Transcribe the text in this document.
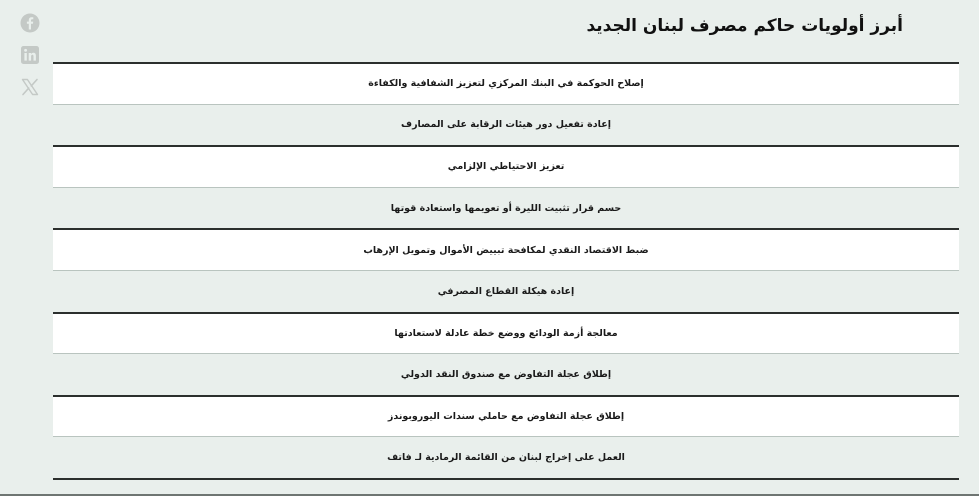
أبرز أولويات حاكم مصرف لبنان الجديد
إصلاح الحوكمة في البنك المركزي لتعزيز الشفافية والكفاءة
إعادة تفعيل دور هيئات الرقابة على المصارف
تعزيز الاحتياطي الإلزامي
حسم قرار تثبيت الليرة أو تعويمها واستعادة قوتها
ضبط الاقتصاد النقدي لمكافحة تبييض الأموال وتمويل الإرهاب
إعادة هيكلة القطاع المصرفي
معالجة أزمة الودائع ووضع خطة عادلة لاستعادتها
إطلاق عجلة التفاوض مع صندوق النقد الدولي
إطلاق عجلة التفاوض مع حاملي سندات اليوروبوندز
العمل على إخراج لبنان من القائمة الرمادية لـ فاتف
